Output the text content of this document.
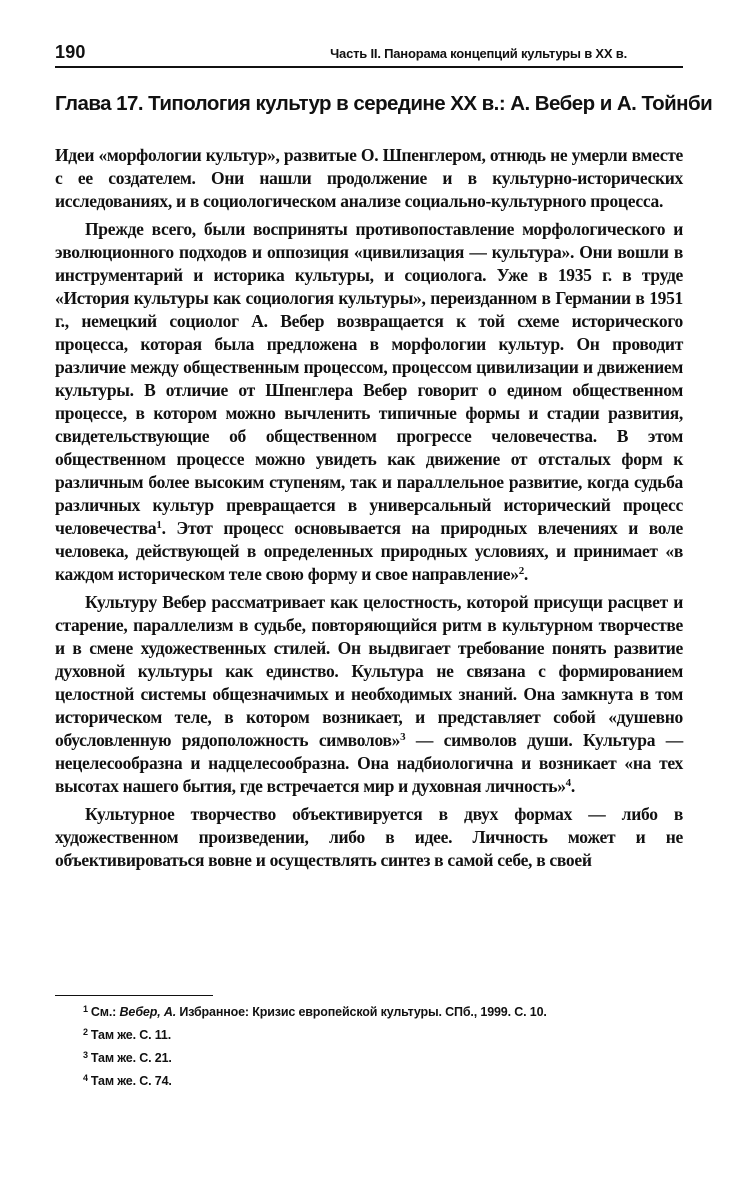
190	Часть II. Панорама концепций культуры в XX в.
Глава 17. Типология культур в середине XX в.: А. Вебер и А. Тойнби

Идеи «морфологии культур», развитые О. Шпенглером, отнюдь не умерли вместе с ее создателем. Они нашли продолжение и в культурно-исторических исследованиях, и в социологическом анализе социально-культурного процесса.

Прежде всего, были восприняты противопоставление морфологического и эволюционного подходов и оппозиция «цивилизация — культура». Они вошли в инструментарий и историка культуры, и социолога. Уже в 1935 г. в труде «История культуры как социология культуры», переизданном в Германии в 1951 г., немецкий социолог А. Вебер возвращается к той схеме исторического процесса, которая была предложена в морфологии культур. Он проводит различие между общественным процессом, процессом цивилизации и движением культуры. В отличие от Шпенглера Вебер говорит о едином общественном процессе, в котором можно вычленить типичные формы и стадии развития, свидетельствующие об общественном прогрессе человечества. В этом общественном процессе можно увидеть как движение от отсталых форм к различным более высоким ступеням, так и параллельное развитие, когда судьба различных культур превращается в универсальный исторический процесс человечества$^1$. Этот процесс основывается на природных влечениях и воле человека, действующей в определенных природных условиях, и принимает «в каждом историческом теле свою форму и свое направление»$^2$.

Культуру Вебер рассматривает как целостность, которой присущи расцвет и старение, параллелизм в судьбе, повторяющийся ритм в культурном творчестве и в смене художественных стилей. Он выдвигает требование понять развитие духовной культуры как единство. Культура не связана с формированием целостной системы общезначимых и необходимых знаний. Она замкнута в том историческом теле, в котором возникает, и представляет собой «душевно обусловленную рядоположность символов»$^3$ — символов души. Культура — нецелесообразна и надцелесообразна. Она надбиологична и возникает «на тех высотах нашего бытия, где встречается мир и духовная личность»$^4$.

Культурное творчество объективируется в двух формах — либо в художественном произведении, либо в идее. Личность может и не объективироваться вовне и осуществлять синтез в самой себе, в своей

$^1$ См.: Вебер, А. Избранное: Кризис европейской культуры. СПб., 1999. С. 10.

$^2$ Там же. С. 11.

$^3$ Там же. С. 21.

$^4$ Там же. С. 74.
